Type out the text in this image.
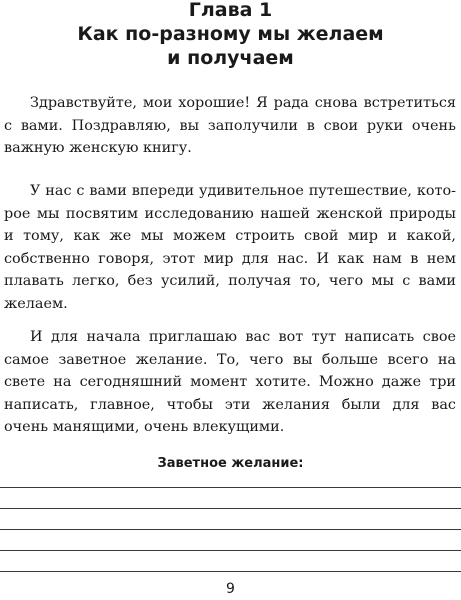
Глава 1
Как по-разному мы желаем
и получаем
Здравствуйте, мои хорошие! Я рада снова встретиться
с вами. Поздравляю, вы заполучили в свои руки очень
важную женскую книгу.
У нас с вами впереди удивительное путешествие, кото-
рое мы посвятим исследованию нашей женской природы
и тому, как же мы можем строить свой мир и какой,
собственно говоря, этот мир для нас. И как нам в нем
плавать легко, без усилий, получая то, чего мы с вами
желаем.
И для начала приглашаю вас вот тут написать свое
самое заветное желание. То, чего вы больше всего на
свете на сегодняшний момент хотите. Можно даже три
написать, главное, чтобы эти желания были для вас
очень манящими, очень влекущими.
Заветное желание:
9
